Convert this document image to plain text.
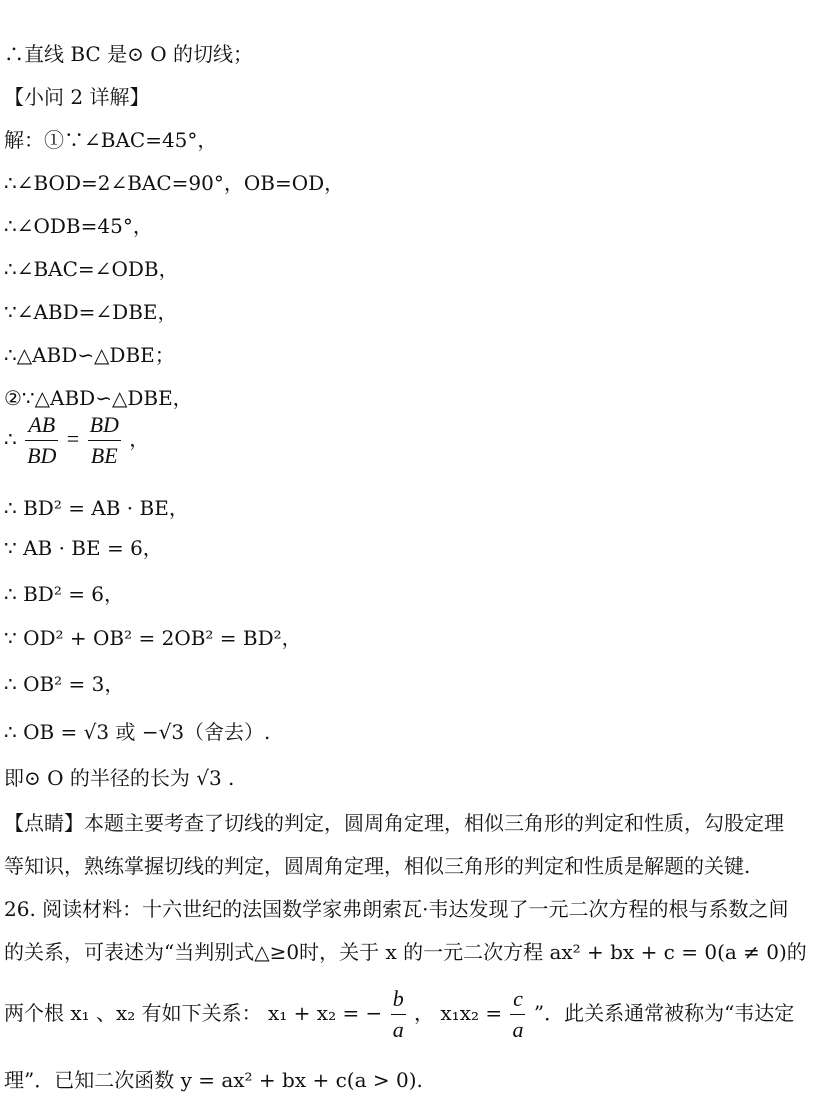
∴直线 BC 是⊙ O 的切线；
【小问 2 详解】
解：①∵∠BAC=45°，
∴∠BOD=2∠BAC=90°，OB=OD，
∴∠ODB=45°，
∴∠BAC=∠ODB，
∵∠ABD=∠DBE，
∴△ABD∽△DBE；
②∵△ABD∽△DBE，
∴ $\frac{AB}{BD} = \frac{BD}{BE}$ ，
∴ BD² = AB · BE，
∵ AB · BE = 6，
∴ BD² = 6，
∵ OD² + OB² = 2OB² = BD²，
∴ OB² = 3，
∴ OB = √3 或 −√3（舍去）.
即⊙ O 的半径的长为 √3 .
【点睛】本题主要考查了切线的判定，圆周角定理，相似三角形的判定和性质，勾股定理
等知识，熟练掌握切线的判定，圆周角定理，相似三角形的判定和性质是解题的关键.
26. 阅读材料：十六世纪的法国数学家弗朗索瓦·韦达发现了一元二次方程的根与系数之间
的关系，可表述为“当判别式△≥0时，关于 x 的一元二次方程 ax² + bx + c = 0(a ≠ 0)的
两个根 x₁ 、x₂ 有如下关系： x₁ + x₂ = − $\frac{b}{a}$ ， $x_1x_2 = \frac{c}{a}$ ”．此关系通常被称为“韦达定
理”．已知二次函数 y = ax² + bx + c(a > 0).
